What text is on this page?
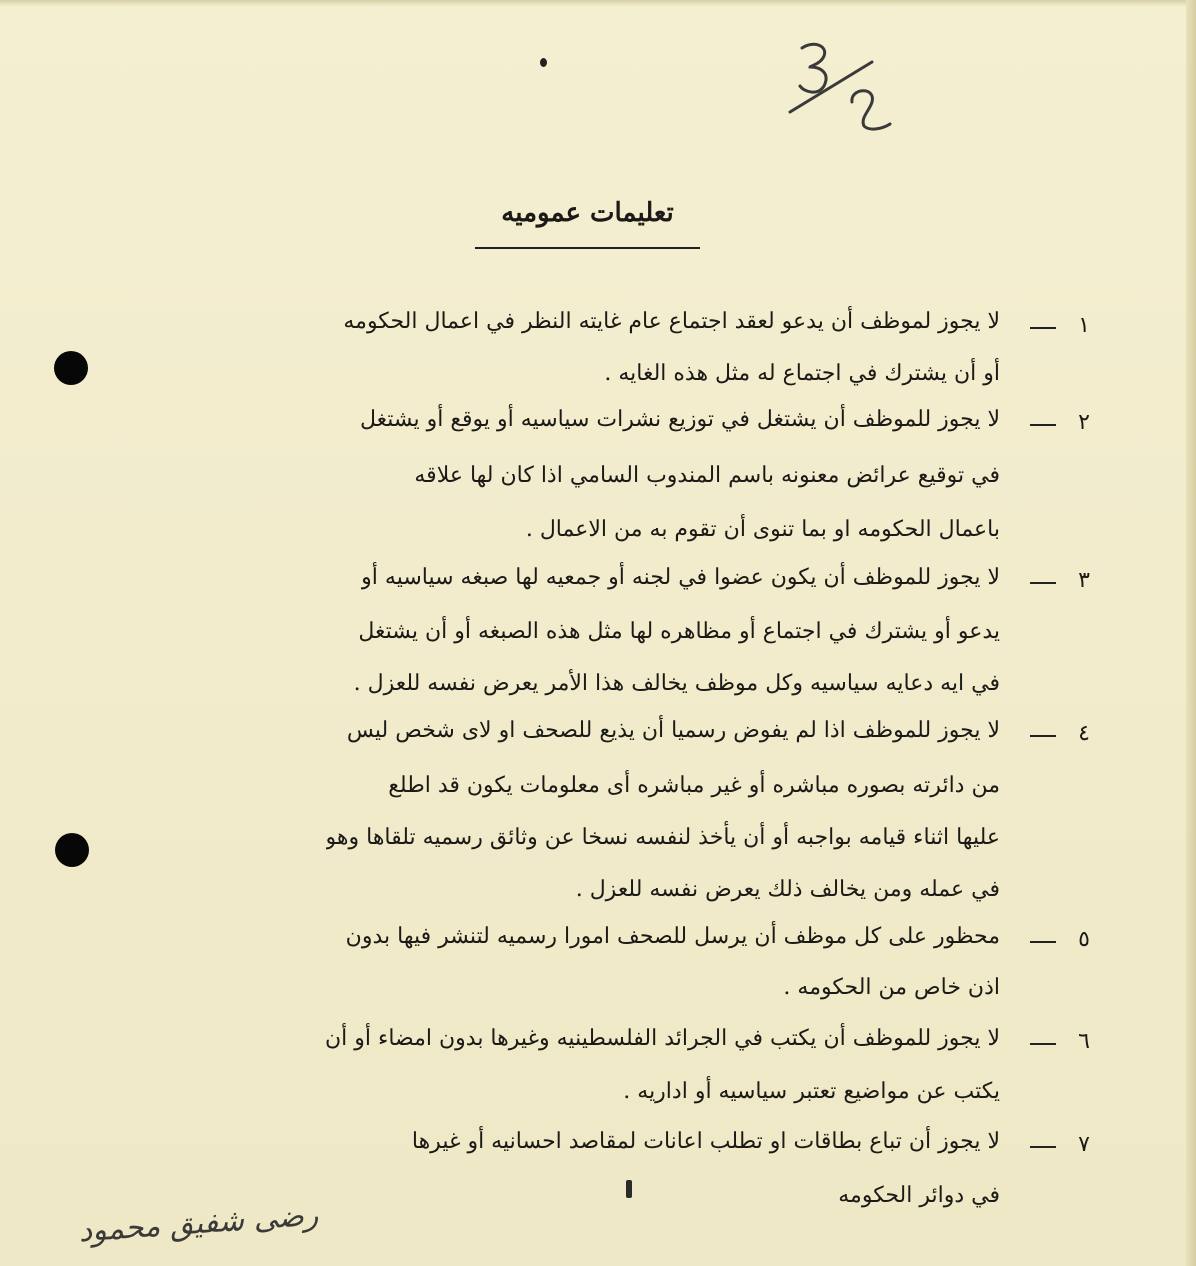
تعليمات عموميه
١
لا يجوز لموظف أن يدعو لعقد اجتماع عام غايته النظر في اعمال الحكومه
أو أن يشترك في اجتماع له مثل هذه الغايه .
٢
لا يجوز للموظف أن يشتغل في توزيع نشرات سياسيه أو يوقع أو يشتغل
في توقيع عرائض معنونه باسم المندوب السامي اذا كان لها علاقه
باعمال الحكومه او بما تنوى أن تقوم به من الاعمال .
٣
لا يجوز للموظف أن يكون عضوا في لجنه أو جمعيه لها صبغه سياسيه أو
يدعو أو يشترك في اجتماع أو مظاهره لها مثل هذه الصبغه أو أن يشتغل
في ايه دعايه سياسيه وكل موظف يخالف هذا الأمر يعرض نفسه للعزل .
٤
لا يجوز للموظف اذا لم يفوض رسميا أن يذيع للصحف او لاى شخص ليس
من دائرته بصوره مباشره أو غير مباشره أى معلومات يكون قد اطلع
عليها اثناء قيامه بواجبه أو أن يأخذ لنفسه نسخا عن وثائق رسميه تلقاها وهو
في عمله ومن يخالف ذلك يعرض نفسه للعزل .
٥
محظور على كل موظف أن يرسل للصحف امورا رسميه لتنشر فيها بدون
اذن خاص من الحكومه .
٦
لا يجوز للموظف أن يكتب في الجرائد الفلسطينيه وغيرها بدون امضاء أو أن
يكتب عن مواضيع تعتبر سياسيه أو اداريه .
٧
لا يجوز أن تباع بطاقات او تطلب اعانات لمقاصد احسانيه أو غيرها
في دوائر الحكومه
رضى شفيق محمود
